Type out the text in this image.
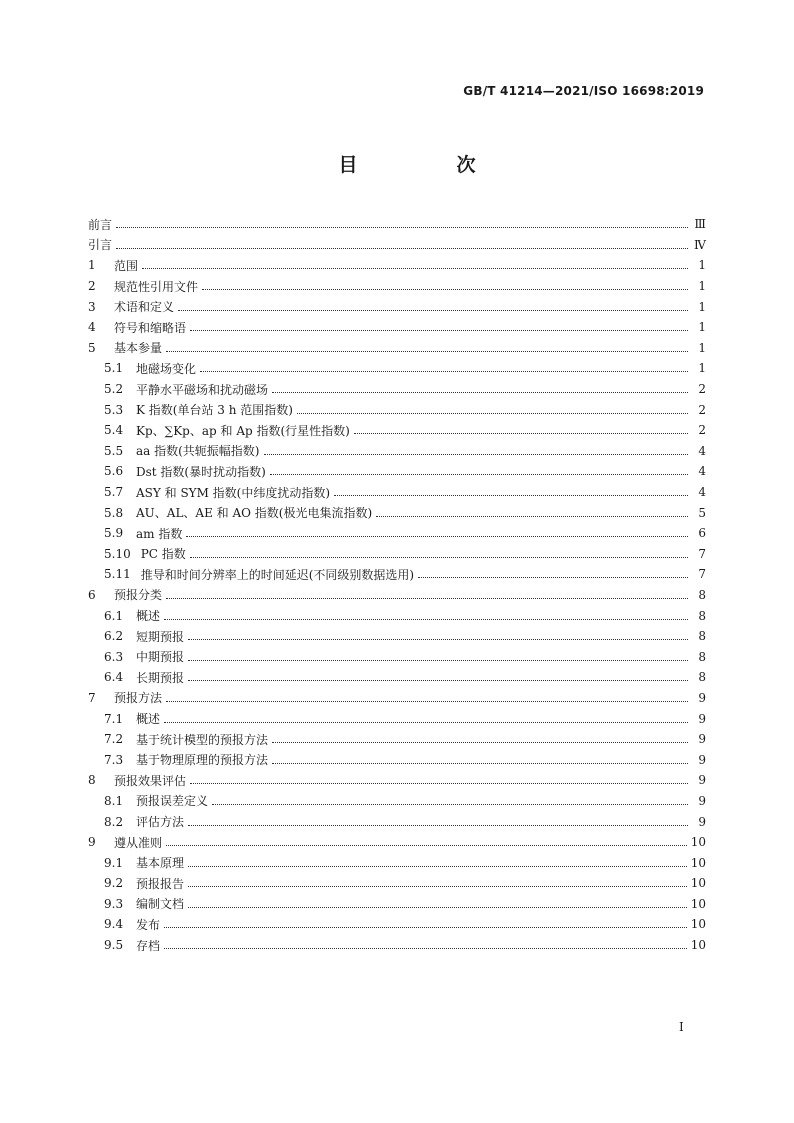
GB/T 41214—2021/ISO 16698:2019
目　次
前言	Ⅲ
引言	Ⅳ
1	范围	1
2	规范性引用文件	1
3	术语和定义	1
4	符号和缩略语	1
5	基本参量	1
5.1 地磁场变化	1
5.2 平静水平磁场和扰动磁场	2
5.3 K 指数(单台站 3 h 范围指数)	2
5.4 Kp、∑Kp、ap 和 Ap 指数(行星性指数)	2
5.5 aa 指数(共轭振幅指数)	4
5.6 Dst 指数(暴时扰动指数)	4
5.7 ASY 和 SYM 指数(中纬度扰动指数)	4
5.8 AU、AL、AE 和 AO 指数(极光电集流指数)	5
5.9 am 指数	6
5.10 PC 指数	7
5.11 推导和时间分辨率上的时间延迟(不同级别数据选用)	7
6	预报分类	8
6.1 概述	8
6.2 短期预报	8
6.3 中期预报	8
6.4 长期预报	8
7	预报方法	9
7.1 概述	9
7.2 基于统计模型的预报方法	9
7.3 基于物理原理的预报方法	9
8	预报效果评估	9
8.1 预报误差定义	9
8.2 评估方法	9
9	遵从准则	10
9.1 基本原理	10
9.2 预报报告	10
9.3 编制文档	10
9.4 发布	10
9.5 存档	10
I
